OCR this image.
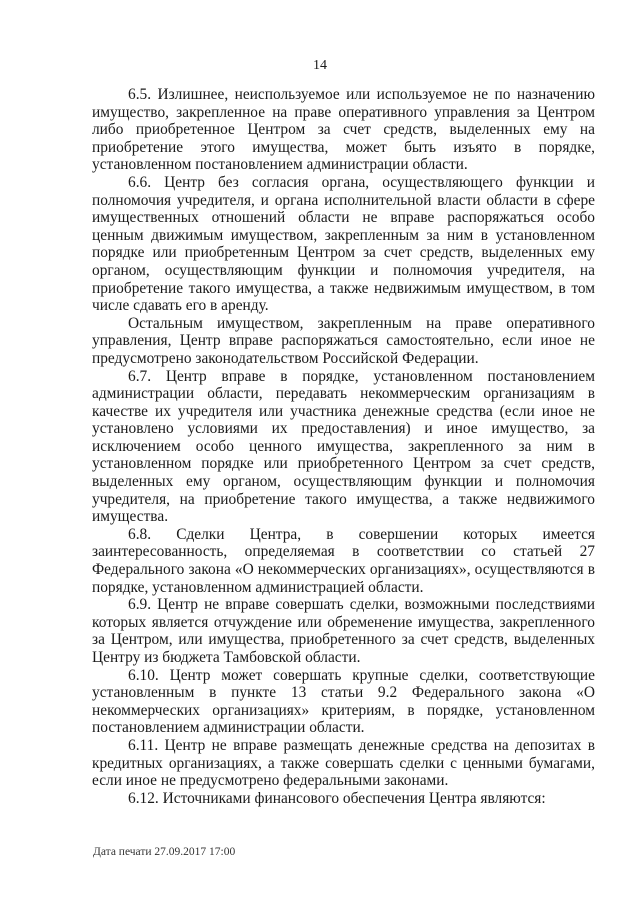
14

6.5. Излишнее, неиспользуемое или используемое не по назначению имущество, закрепленное на праве оперативного управления за Центром либо приобретенное Центром за счет средств, выделенных ему на приобретение этого имущества, может быть изъято в порядке, установленном постановлением администрации области.

6.6. Центр без согласия органа, осуществляющего функции и полномочия учредителя, и органа исполнительной власти области в сфере имущественных отношений области не вправе распоряжаться особо ценным движимым имуществом, закрепленным за ним в установленном порядке или приобретенным Центром за счет средств, выделенных ему органом, осуществляющим функции и полномочия учредителя, на приобретение такого имущества, а также недвижимым имуществом, в том числе сдавать его в аренду.

Остальным имуществом, закрепленным на праве оперативного управления, Центр вправе распоряжаться самостоятельно, если иное не предусмотрено законодательством Российской Федерации.

6.7. Центр вправе в порядке, установленном постановлением администрации области, передавать некоммерческим организациям в качестве их учредителя или участника денежные средства (если иное не установлено условиями их предоставления) и иное имущество, за исключением особо ценного имущества, закрепленного за ним в установленном порядке или приобретенного Центром за счет средств, выделенных ему органом, осуществляющим функции и полномочия учредителя, на приобретение такого имущества, а также недвижимого имущества.

6.8. Сделки Центра, в совершении которых имеется заинтересованность, определяемая в соответствии со статьей 27 Федерального закона «О некоммерческих организациях», осуществляются в порядке, установленном администрацией области.

6.9. Центр не вправе совершать сделки, возможными последствиями которых является отчуждение или обременение имущества, закрепленного за Центром, или имущества, приобретенного за счет средств, выделенных Центру из бюджета Тамбовской области.

6.10. Центр может совершать крупные сделки, соответствующие установленным в пункте 13 статьи 9.2 Федерального закона «О некоммерческих организациях» критериям, в порядке, установленном постановлением администрации области.

6.11. Центр не вправе размещать денежные средства на депозитах в кредитных организациях, а также совершать сделки с ценными бумагами, если иное не предусмотрено федеральными законами.

6.12. Источниками финансового обеспечения Центра являются:

Дата печати 27.09.2017 17:00
